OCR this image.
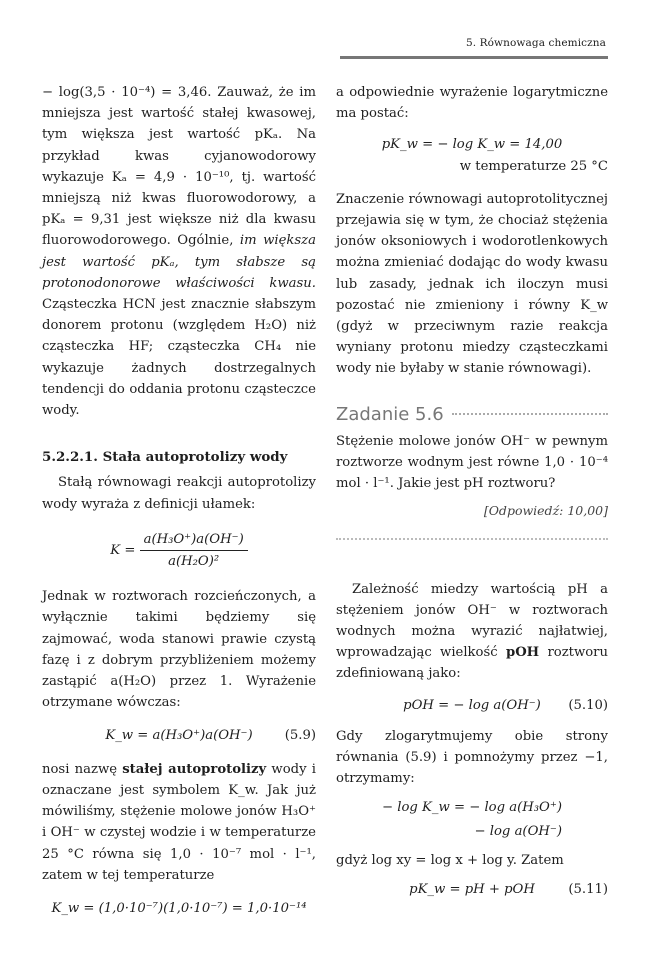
5. Równowaga chemiczna

− log(3,5 · 10⁻⁴) = 3,46. Zauważ, że im mniejsza jest wartość stałej kwasowej, tym większa jest wartość pKₐ. Na przykład kwas cyjanowodorowy wykazuje Kₐ = 4,9 · 10⁻¹⁰, tj. wartość mniejszą niż kwas fluorowodorowy, a pKₐ = 9,31 jest większe niż dla kwasu fluorowodorowego. Ogólnie, im większa jest wartość pKₐ, tym słabsze są protonodonorowe właściwości kwasu. Cząsteczka HCN jest znacznie słabszym donorem protonu (względem H₂O) niż cząsteczka HF; cząsteczka CH₄ nie wykazuje żadnych dostrzegalnych tendencji do oddania protonu cząsteczce wody.

5.2.2.1. Stała autoprotolizy wody

Stałą równowagi reakcji autoprotolizy wody wyraża z definicji ułamek:

$K = \frac{\text{a(H₃O⁺)a(OH⁻)}}{\text{a(H₂O)²}}$

Jednak w roztworach rozcieńczonych, a wyłącznie takimi będziemy się zajmować, woda stanowi prawie czystą fazę i z dobrym przybliżeniem możemy zastąpić a(H₂O) przez 1. Wyrażenie otrzymane wówczas:

K_w = a(H₃O⁺)a(OH⁻) (5.9)

nosi nazwę stałej autoprotolizy wody i oznaczane jest symbolem K_w. Jak już mówiliśmy, stężenie molowe jonów H₃O⁺ i OH⁻ w czystej wodzie i w temperaturze 25 °C równa się 1,0 · 10⁻⁷ mol · l⁻¹, zatem w tej temperaturze

K_w = (1,0·10⁻⁷)(1,0·10⁻⁷) = 1,0·10⁻¹⁴

a odpowiednie wyrażenie logarytmiczne ma postać:

pK_w = − log K_w = 14,00
w temperaturze 25 °C

Znaczenie równowagi autoprotolitycznej przejawia się w tym, że chociaż stężenia jonów oksoniowych i wodorotlenkowych można zmieniać dodając do wody kwasu lub zasady, jednak ich iloczyn musi pozostać nie zmieniony i równy K_w (gdyż w przeciwnym razie reakcja wyniany protonu miedzy cząsteczkami wody nie byłaby w stanie równowagi).

Zadanie 5.6

Stężenie molowe jonów OH⁻ w pewnym roztworze wodnym jest równe 1,0 · 10⁻⁴ mol · l⁻¹. Jakie jest pH roztworu?

[Odpowiedź: 10,00]

Zależność miedzy wartością pH a stężeniem jonów OH⁻ w roztworach wodnych można wyrazić najłatwiej, wprowadzając wielkość pOH roztworu zdefiniowaną jako:

pOH = − log a(OH⁻) (5.10)

Gdy zlogarytmujemy obie strony równania (5.9) i pomnożymy przez −1, otrzymamy:

− log K_w = − log a(H₃O⁺)
− log a(OH⁻)

gdyż log xy = log x + log y. Zatem

pK_w = pH + pOH	(5.11)
